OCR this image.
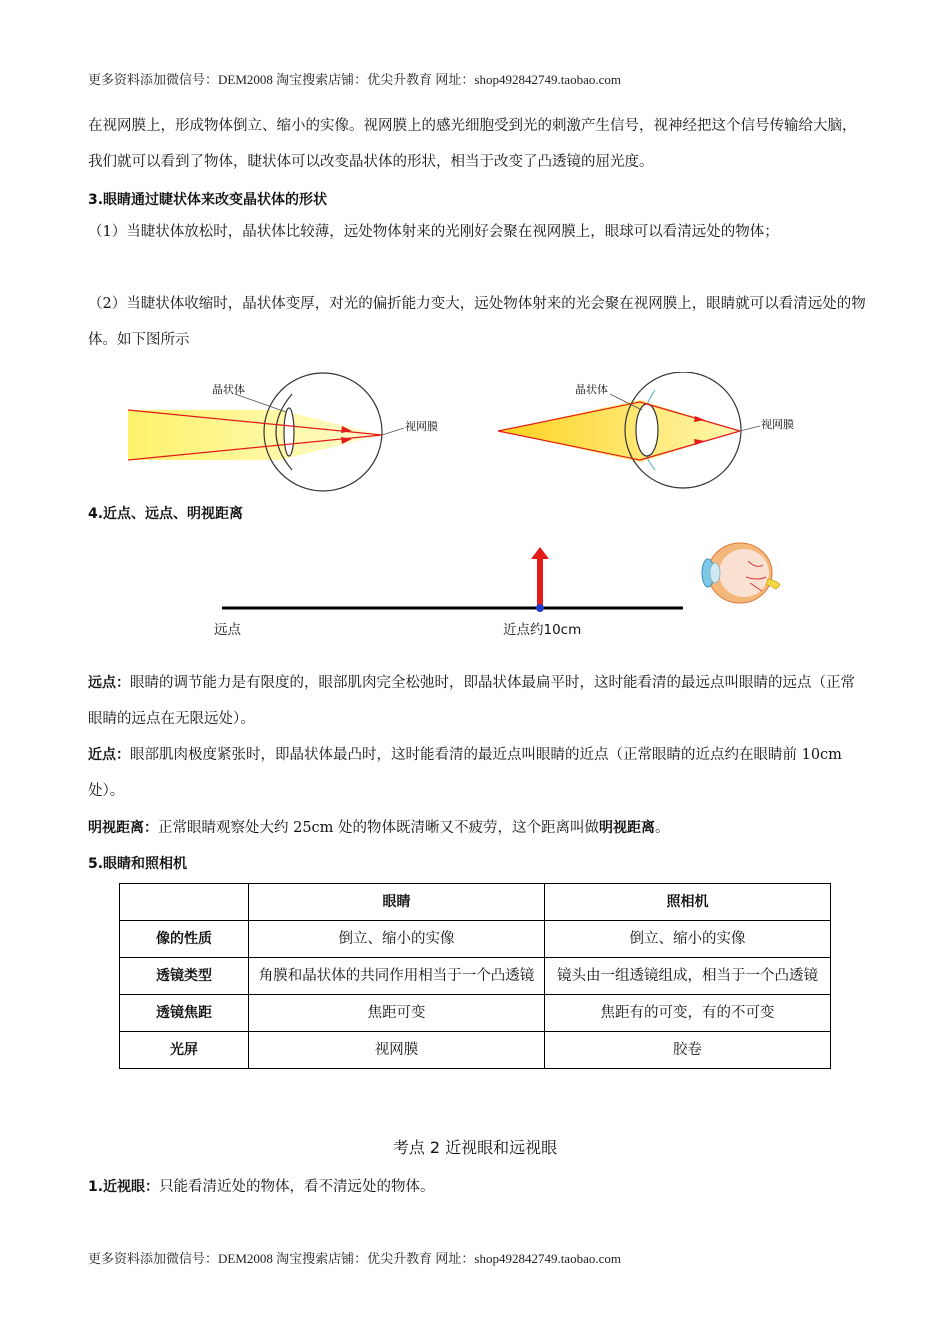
更多资料添加微信号：DEM2008 淘宝搜索店铺：优尖升教育 网址：shop492842749.taobao.com
在视网膜上，形成物体倒立、缩小的实像。视网膜上的感光细胞受到光的刺激产生信号，视神经把这个信号传输给大脑，我们就可以看到了物体，睫状体可以改变晶状体的形状，相当于改变了凸透镜的屈光度。
3.眼睛通过睫状体来改变晶状体的形状
（1）当睫状体放松时，晶状体比较薄，远处物体射来的光刚好会聚在视网膜上，眼球可以看清远处的物体；
（2）当睫状体收缩时，晶状体变厚，对光的偏折能力变大，远处物体射来的光会聚在视网膜上，眼睛就可以看清远处的物体。如下图所示
晶状体
视网膜
晶状体
视网膜
4.近点、远点、明视距离
远点	近点约10cm
远点：眼睛的调节能力是有限度的，眼部肌肉完全松弛时，即晶状体最扁平时，这时能看清的最远点叫眼睛的远点（正常眼睛的远点在无限远处）。
近点：眼部肌肉极度紧张时，即晶状体最凸时，这时能看清的最近点叫眼睛的近点（正常眼睛的近点约在眼睛前 10cm 处）。
明视距离：正常眼睛观察处大约 25cm 处的物体既清晰又不疲劳，这个距离叫做明视距离。
5.眼睛和照相机
	眼睛	照相机
像的性质	倒立、缩小的实像	倒立、缩小的实像
透镜类型	角膜和晶状体的共同作用相当于一个凸透镜	镜头由一组透镜组成，相当于一个凸透镜
透镜焦距	焦距可变	焦距有的可变，有的不可变
光屏	视网膜	胶卷
考点 2 近视眼和远视眼
1.近视眼：只能看清近处的物体，看不清远处的物体。
更多资料添加微信号：DEM2008 淘宝搜索店铺：优尖升教育 网址：shop492842749.taobao.com
